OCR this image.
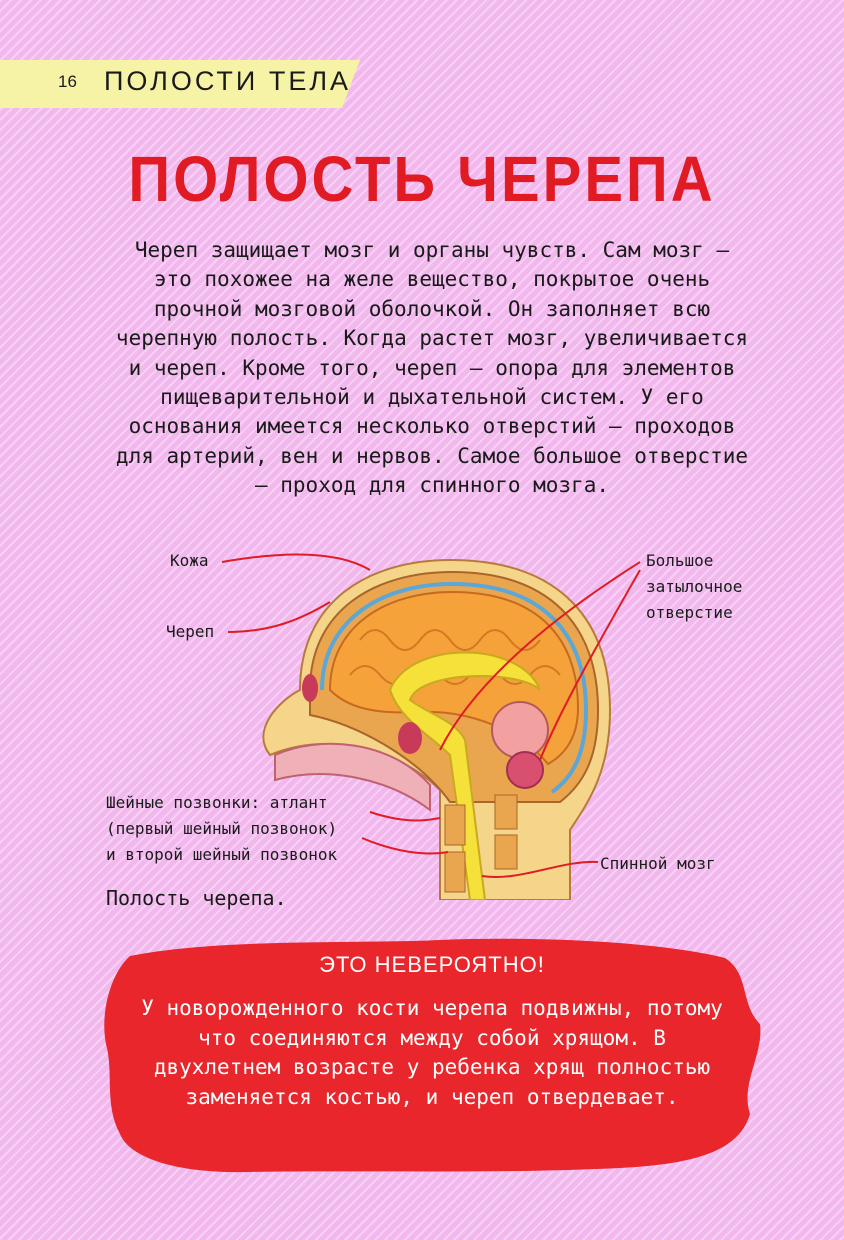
16 ПОЛОСТИ ТЕЛА
ПОЛОСТЬ ЧЕРЕПА

Череп защищает мозг и органы чувств. Сам мозг — это похожее на желе вещество, покрытое очень прочной мозговой оболочкой. Он заполняет всю черепную полость. Когда растет мозг, увеличивается и череп. Кроме того, череп — опора для элементов пищеварительной и дыхательной систем. У его основания имеется несколько отверстий — проходов для артерий, вен и нервов. Самое большое отверстие — проход для спинного мозга.

Кожа

Череп

Большое
затылочное
отверстие

Шейные позвонки: атлант
(первый шейный позвонок)
и второй шейный позвонок	Спинной мозг

Полость черепа.
ЭТО НЕВЕРОЯТНО!

У новорожденного кости черепа подвижны, потому что соединяются между собой хрящом. В двухлетнем возрасте у ребенка хрящ полностью заменяется костью, и череп отвердевает.
